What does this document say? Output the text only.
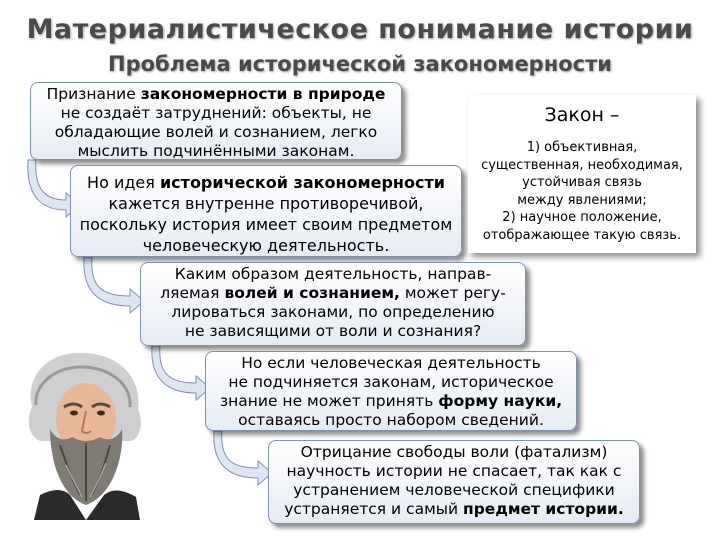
Материалистическое понимание истории
Проблема исторической закономерности
Признание закономерности в природе
не создаёт затруднений: объекты, не
обладающие волей и сознанием, легко
мыслить подчинёнными законам.
Но идея исторической закономерности
кажется внутренне противоречивой,
поскольку история имеет своим предметом
человеческую деятельность.
Закон –
1) объективная,
существенная, необходимая,
устойчивая связь
между явлениями;
2) научное положение,
отображающее такую связь.
Каким образом деятельность, направ-
ляемая волей и сознанием, может регу-
лироваться законами, по определению
не зависящими от воли и сознания?
Но если человеческая деятельность
не подчиняется законам, историческое
знание не может принять форму науки,
оставаясь просто набором сведений.
Отрицание свободы воли (фатализм)
научность истории не спасает, так как с
устранением человеческой специфики
устраняется и самый предмет истории.
